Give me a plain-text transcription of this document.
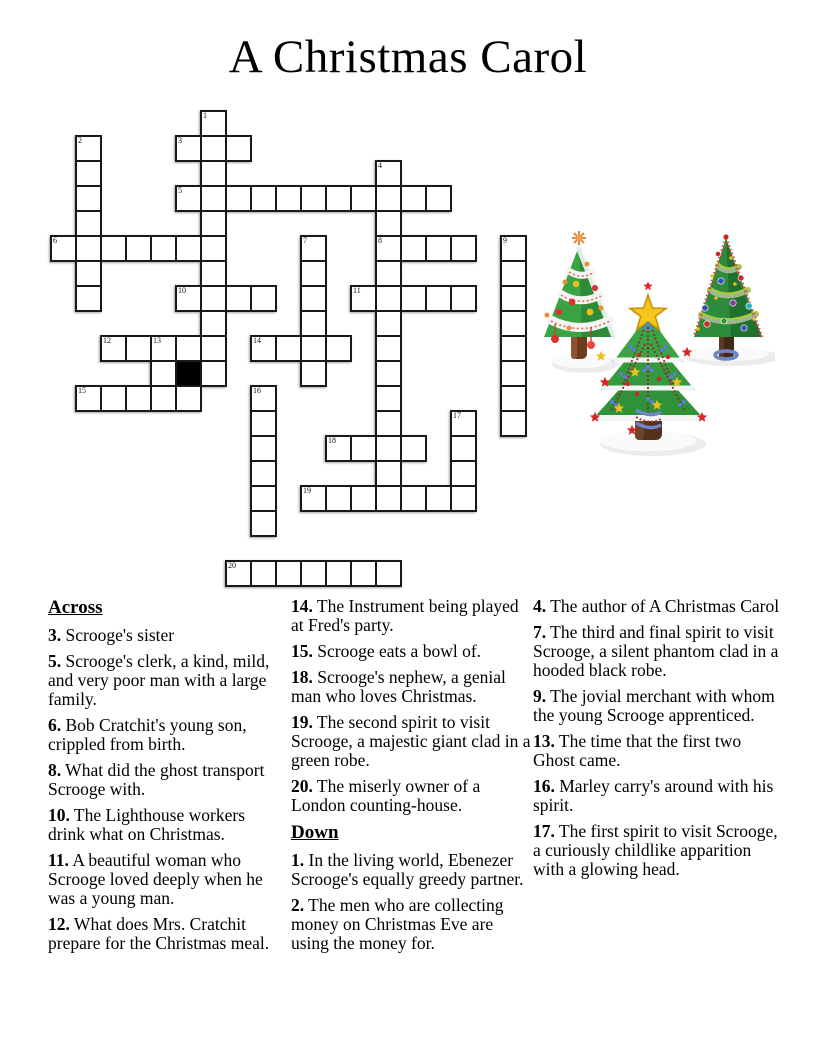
A Christmas Carol
1
2	3
4
5
6	7	8	9
10	11
12	13	14
15	16
17
18
19
20
Across

3. Scrooge's sister

5. Scrooge's clerk, a kind, mild, and very poor man with a large family.

6. Bob Cratchit's young son, crippled from birth.

8. What did the ghost transport Scrooge with.

10. The Lighthouse workers drink what on Christmas.

11. A beautiful woman who Scrooge loved deeply when he was a young man.

12. What does Mrs. Cratchit prepare for the Christmas meal.

14. The Instrument being played at Fred's party.

15. Scrooge eats a bowl of.

18. Scrooge's nephew, a genial man who loves Christmas.

19. The second spirit to visit Scrooge, a majestic giant clad in a green robe.

20. The miserly owner of a London counting-house.

Down

1. In the living world, Ebenezer Scrooge's equally greedy partner.

2. The men who are collecting money on Christmas Eve are using the money for.

4. The author of A Christmas Carol

7. The third and final spirit to visit Scrooge, a silent phantom clad in a hooded black robe.

9. The jovial merchant with whom the young Scrooge apprenticed.

13. The time that the first two Ghost came.

16. Marley carry's around with his spirit.

17. The first spirit to visit Scrooge, a curiously childlike apparition with a glowing head.
